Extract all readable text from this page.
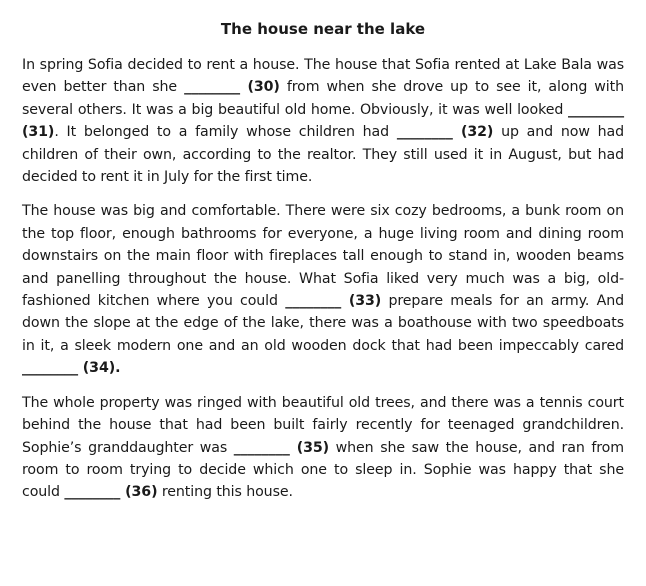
The house near the lake

In spring Sofia decided to rent a house. The house that Sofia rented at Lake Bala was even better than she ________ (30) from when she drove up to see it, along with several others. It was a big beautiful old home. Obviously, it was well looked ________ (31). It belonged to a family whose children had ________ (32) up and now had children of their own, according to the realtor. They still used it in August, but had decided to rent it in July for the first time.

The house was big and comfortable. There were six cozy bedrooms, a bunk room on the top floor, enough bathrooms for everyone, a huge living room and dining room downstairs on the main floor with fireplaces tall enough to stand in, wooden beams and panelling throughout the house. What Sofia liked very much was a big, old-fashioned kitchen where you could ________ (33) prepare meals for an army. And down the slope at the edge of the lake, there was a boathouse with two speedboats in it, a sleek modern one and an old wooden dock that had been impeccably cared ________ (34).

The whole property was ringed with beautiful old trees, and there was a tennis court behind the house that had been built fairly recently for teenaged grandchildren. Sophie’s granddaughter was ________ (35) when she saw the house, and ran from room to room trying to decide which one to sleep in. Sophie was happy that she could ________ (36) renting this house.
